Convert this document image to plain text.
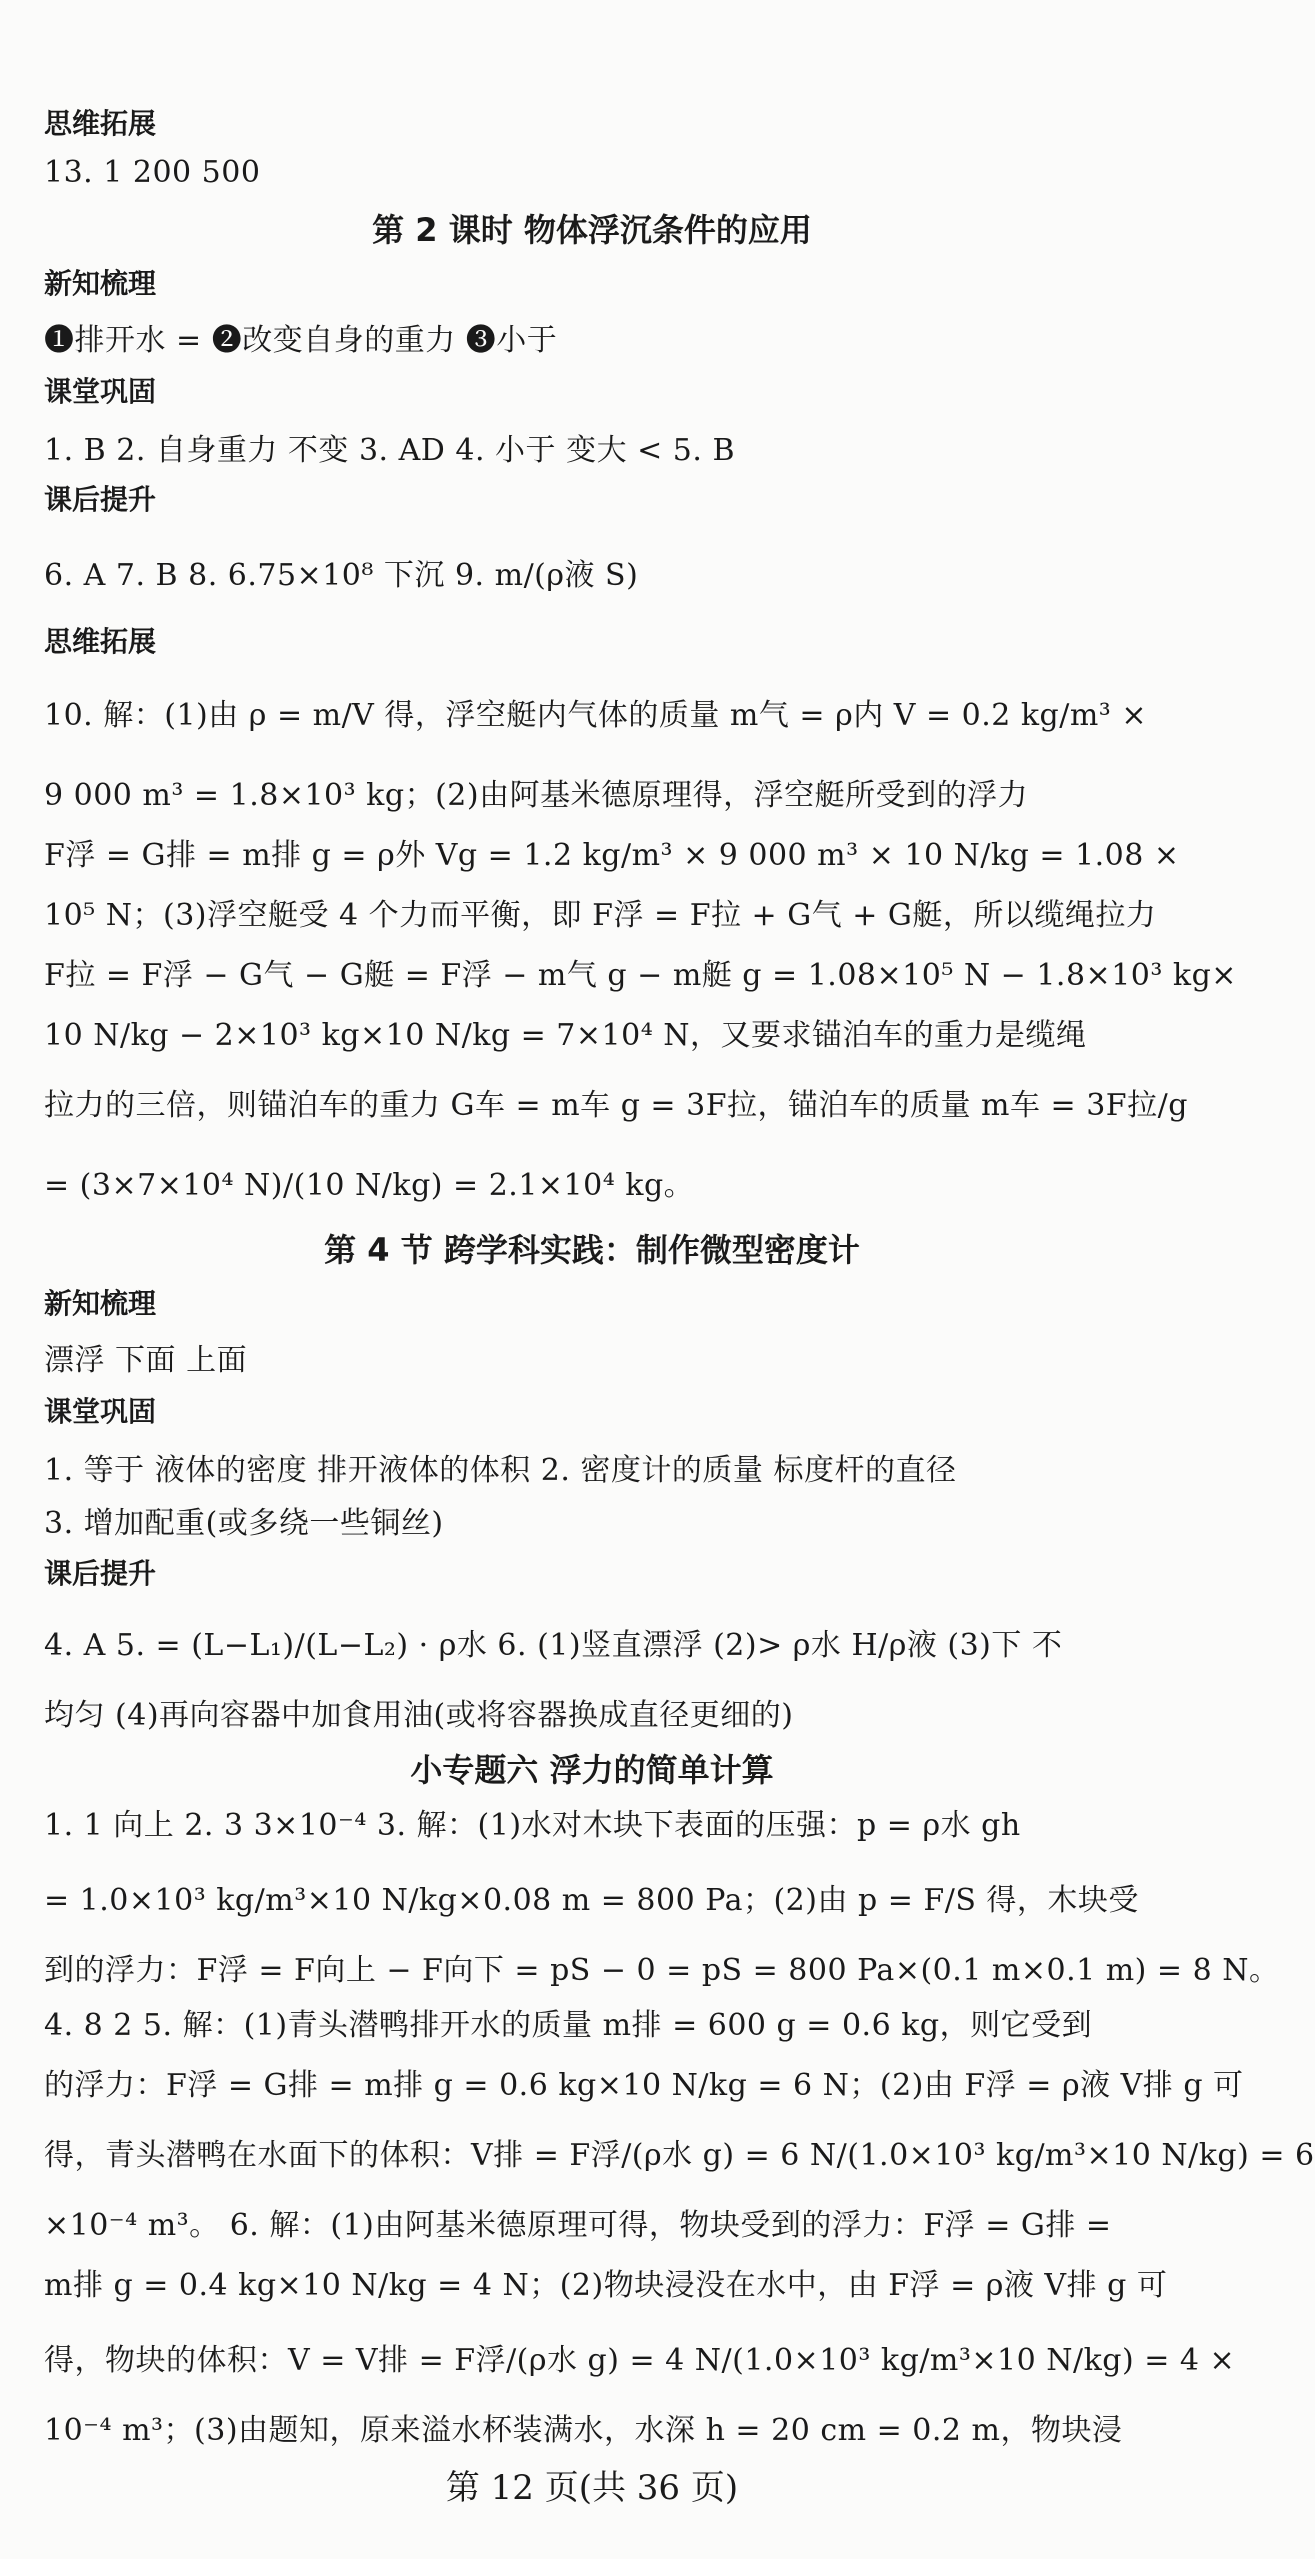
思维拓展
13. 1 200 500
第 2 课时 物体浮沉条件的应用
新知梳理
❶排开水 = ❷改变自身的重力 ❸小于
课堂巩固
1. B 2. 自身重力 不变 3. AD 4. 小于 变大 < 5. B
课后提升
6. A 7. B 8. 6.75×10⁸ 下沉 9. m/(ρ液 S)
思维拓展
10. 解：(1)由 ρ = m/V 得，浮空艇内气体的质量 m气 = ρ内 V = 0.2 kg/m³ ×
9 000 m³ = 1.8×10³ kg；(2)由阿基米德原理得，浮空艇所受到的浮力
F浮 = G排 = m排 g = ρ外 Vg = 1.2 kg/m³ × 9 000 m³ × 10 N/kg = 1.08 ×
10⁵ N；(3)浮空艇受 4 个力而平衡，即 F浮 = F拉 + G气 + G艇，所以缆绳拉力
F拉 = F浮 − G气 − G艇 = F浮 − m气 g − m艇 g = 1.08×10⁵ N − 1.8×10³ kg×
10 N/kg − 2×10³ kg×10 N/kg = 7×10⁴ N，又要求锚泊车的重力是缆绳
拉力的三倍，则锚泊车的重力 G车 = m车 g = 3F拉，锚泊车的质量 m车 = 3F拉/g
= (3×7×10⁴ N)/(10 N/kg) = 2.1×10⁴ kg。
第 4 节 跨学科实践：制作微型密度计
新知梳理
漂浮 下面 上面
课堂巩固
1. 等于 液体的密度 排开液体的体积 2. 密度计的质量 标度杆的直径
3. 增加配重(或多绕一些铜丝)
课后提升
4. A 5. = (L−L₁)/(L−L₂) · ρ水 6. (1)竖直漂浮 (2)> ρ水 H/ρ液 (3)下 不
均匀 (4)再向容器中加食用油(或将容器换成直径更细的)
小专题六 浮力的简单计算
1. 1 向上 2. 3 3×10⁻⁴ 3. 解：(1)水对木块下表面的压强：p = ρ水 gh
= 1.0×10³ kg/m³×10 N/kg×0.08 m = 800 Pa；(2)由 p = F/S 得，木块受
到的浮力：F浮 = F向上 − F向下 = pS − 0 = pS = 800 Pa×(0.1 m×0.1 m) = 8 N。
4. 8 2 5. 解：(1)青头潜鸭排开水的质量 m排 = 600 g = 0.6 kg，则它受到
的浮力：F浮 = G排 = m排 g = 0.6 kg×10 N/kg = 6 N；(2)由 F浮 = ρ液 V排 g 可
得，青头潜鸭在水面下的体积：V排 = F浮/(ρ水 g) = 6 N/(1.0×10³ kg/m³×10 N/kg) = 6
×10⁻⁴ m³。 6. 解：(1)由阿基米德原理可得，物块受到的浮力：F浮 = G排 =
m排 g = 0.4 kg×10 N/kg = 4 N；(2)物块浸没在水中，由 F浮 = ρ液 V排 g 可
得，物块的体积：V = V排 = F浮/(ρ水 g) = 4 N/(1.0×10³ kg/m³×10 N/kg) = 4 ×
10⁻⁴ m³；(3)由题知，原来溢水杯装满水，水深 h = 20 cm = 0.2 m，物块浸
第 12 页(共 36 页)
